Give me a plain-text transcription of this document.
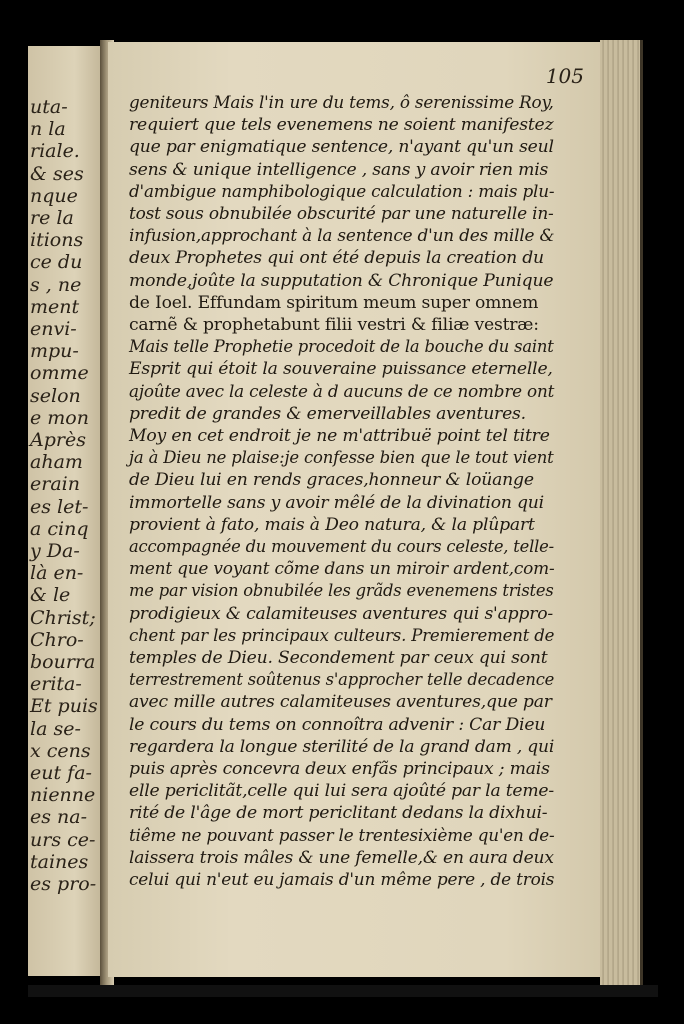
uta-
n la
riale.
& ses
nque
re la
itions
ce du
s , ne
ment
envi-
mpu-
omme
selon
e mon
Après
aham
erain
es let-
a cinq
y Da-
là en-
& le
Christ;
Chro-
bourra
erita-
Et puis
la se-
x cens
eut fa-
nienne
es na-
urs ce-
taines
es pro-
105
geniteurs Mais l'in ure du tems, ô serenissime Roy,
requiert que tels evenemens ne soient manifestez
que par enigmatique sentence, n'ayant qu'un seul
sens & unique intelligence , sans y avoir rien mis
d'ambigue namphibologique calculation : mais plu-
tost sous obnubilée obscurité par une naturelle in-
infusion,approchant à la sentence d'un des mille &
deux Prophetes qui ont été depuis la creation du
monde,joûte la supputation & Chronique Punique
de Ioel. Effundam spiritum meum super omnem
carnẽ & prophetabunt filii vestri & filiæ vestræ:
Mais telle Prophetie procedoit de la bouche du saint
Esprit qui étoit la souveraine puissance eternelle,
ajoûte avec la celeste à d aucuns de ce nombre ont
predit de grandes & emerveillables aventures.
Moy en cet endroit je ne m'attribuë point tel titre
ja à Dieu ne plaise:je confesse bien que le tout vient
de Dieu lui en rends graces,honneur & loüange
immortelle sans y avoir mêlé de la divination qui
provient à fato, mais à Deo natura, & la plûpart
accompagnée du mouvement du cours celeste, telle-
ment que voyant cõme dans un miroir ardent,com-
me par vision obnubilée les grãds evenemens tristes
prodigieux & calamiteuses aventures qui s'appro-
chent par les principaux culteurs. Premierement de
temples de Dieu. Secondement par ceux qui sont
terrestrement soûtenus s'approcher telle decadence
avec mille autres calamiteuses aventures,que par
le cours du tems on connoîtra advenir : Car Dieu
regardera la longue sterilité de la grand dam , qui
puis après concevra deux enfãs principaux ; mais
elle periclitãt,celle qui lui sera ajoûté par la teme-
rité de l'âge de mort periclitant dedans la dixhui-
tiême ne pouvant passer le trentesixième qu'en de-
laissera trois mâles & une femelle,& en aura deux
celui qui n'eut eu jamais d'un même pere , de trois
